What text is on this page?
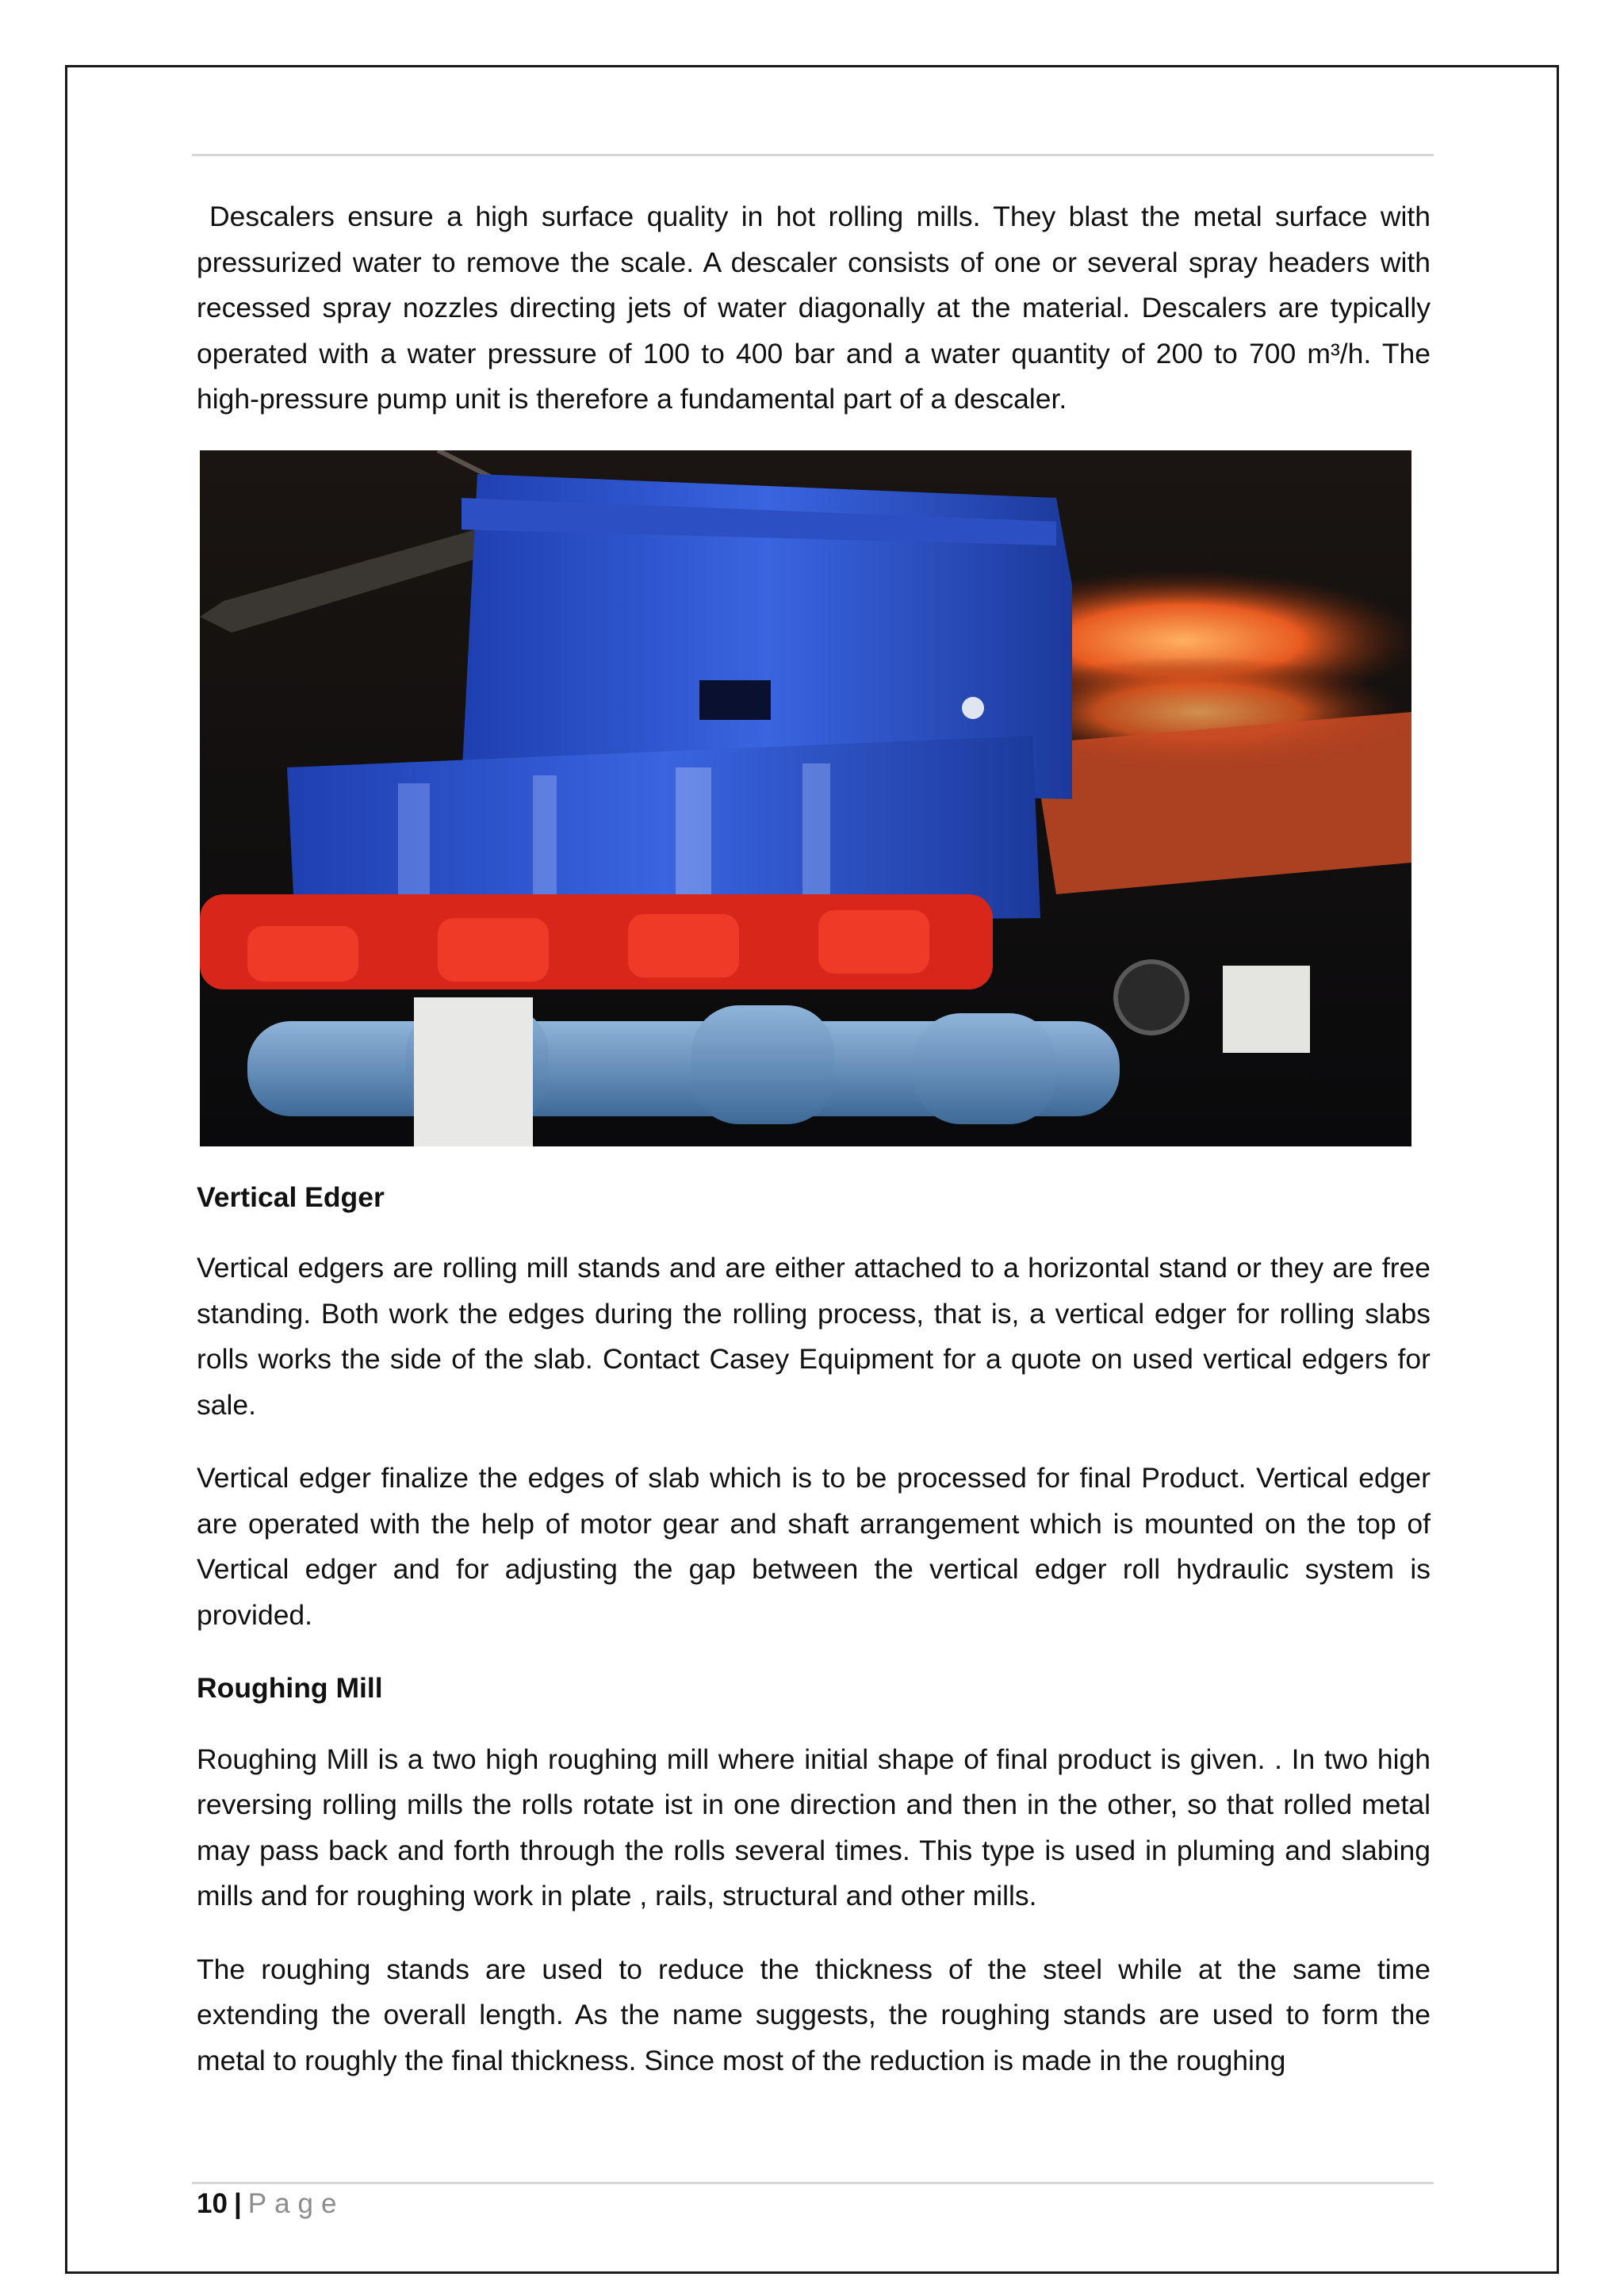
Descalers ensure a high surface quality in hot rolling mills. They blast the metal surface with pressurized water to remove the scale. A descaler consists of one or several spray headers with recessed spray nozzles directing jets of water diagonally at the material. Descalers are typically operated with a water pressure of 100 to 400 bar and a water quantity of 200 to 700 m³/h. The high-pressure pump unit is therefore a fundamental part of a descaler.

Vertical Edger

Vertical edgers are rolling mill stands and are either attached to a horizontal stand or they are free standing. Both work the edges during the rolling process, that is, a vertical edger for rolling slabs rolls works the side of the slab. Contact Casey Equipment for a quote on used vertical edgers for sale.

Vertical edger finalize the edges of slab which is to be processed for final Product. Vertical edger are operated with the help of motor gear and shaft arrangement which is mounted on the top of Vertical edger and for adjusting the gap between the vertical edger roll hydraulic system is provided.

Roughing Mill

Roughing Mill is a two high roughing mill where initial shape of final product is given. . In two high reversing rolling mills the rolls rotate ist in one direction and then in the other, so that rolled metal may pass back and forth through the rolls several times. This type is used in pluming and slabing mills and for roughing work in plate , rails, structural and other mills.

The roughing stands are used to reduce the thickness of the steel while at the same time extending the overall length. As the name suggests, the roughing stands are used to form the metal to roughly the final thickness. Since most of the reduction is made in the roughing

10 | Page
